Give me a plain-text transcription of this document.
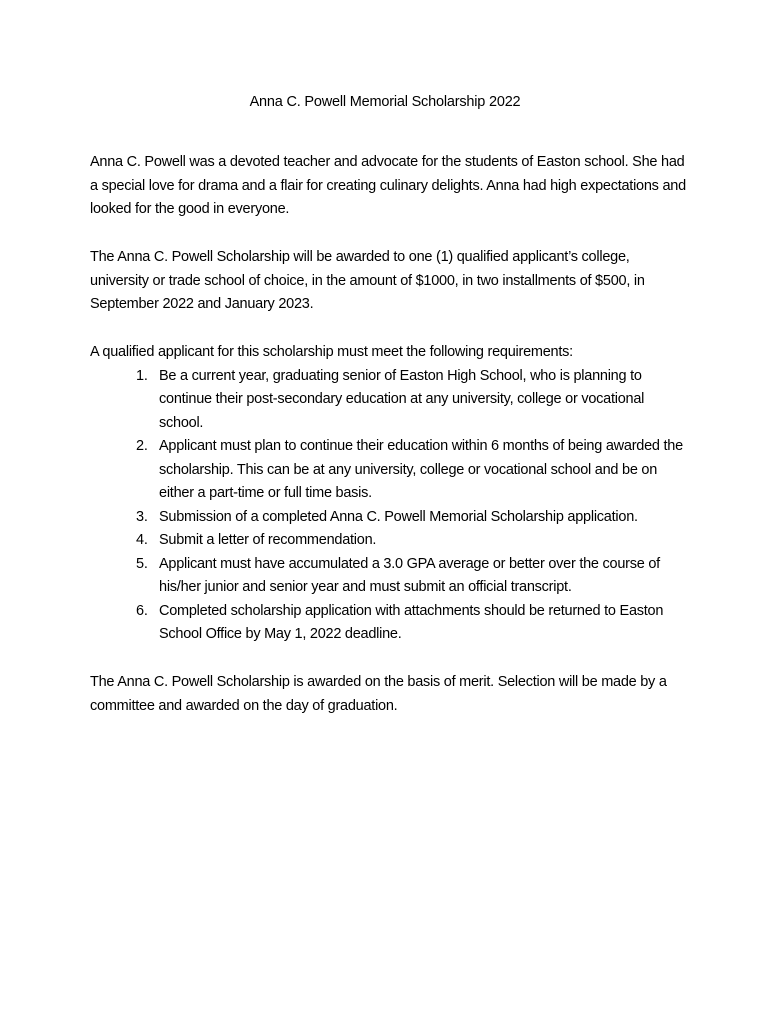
Anna C. Powell Memorial Scholarship 2022

Anna C. Powell was a devoted teacher and advocate for the students of Easton school. She had a special love for drama and a flair for creating culinary delights. Anna had high expectations and looked for the good in everyone.

The Anna C. Powell Scholarship will be awarded to one (1) qualified applicant’s college, university or trade school of choice, in the amount of $1000, in two installments of $500, in September 2022 and January 2023.

A qualified applicant for this scholarship must meet the following requirements:

1. Be a current year, graduating senior of Easton High School, who is planning to continue their post-secondary education at any university, college or vocational school.
2. Applicant must plan to continue their education within 6 months of being awarded the scholarship. This can be at any university, college or vocational school and be on either a part-time or full time basis.
3. Submission of a completed Anna C. Powell Memorial Scholarship application.
4. Submit a letter of recommendation.
5. Applicant must have accumulated a 3.0 GPA average or better over the course of his/her junior and senior year and must submit an official transcript.
6. Completed scholarship application with attachments should be returned to Easton School Office by May 1, 2022 deadline.

The Anna C. Powell Scholarship is awarded on the basis of merit. Selection will be made by a committee and awarded on the day of graduation.
